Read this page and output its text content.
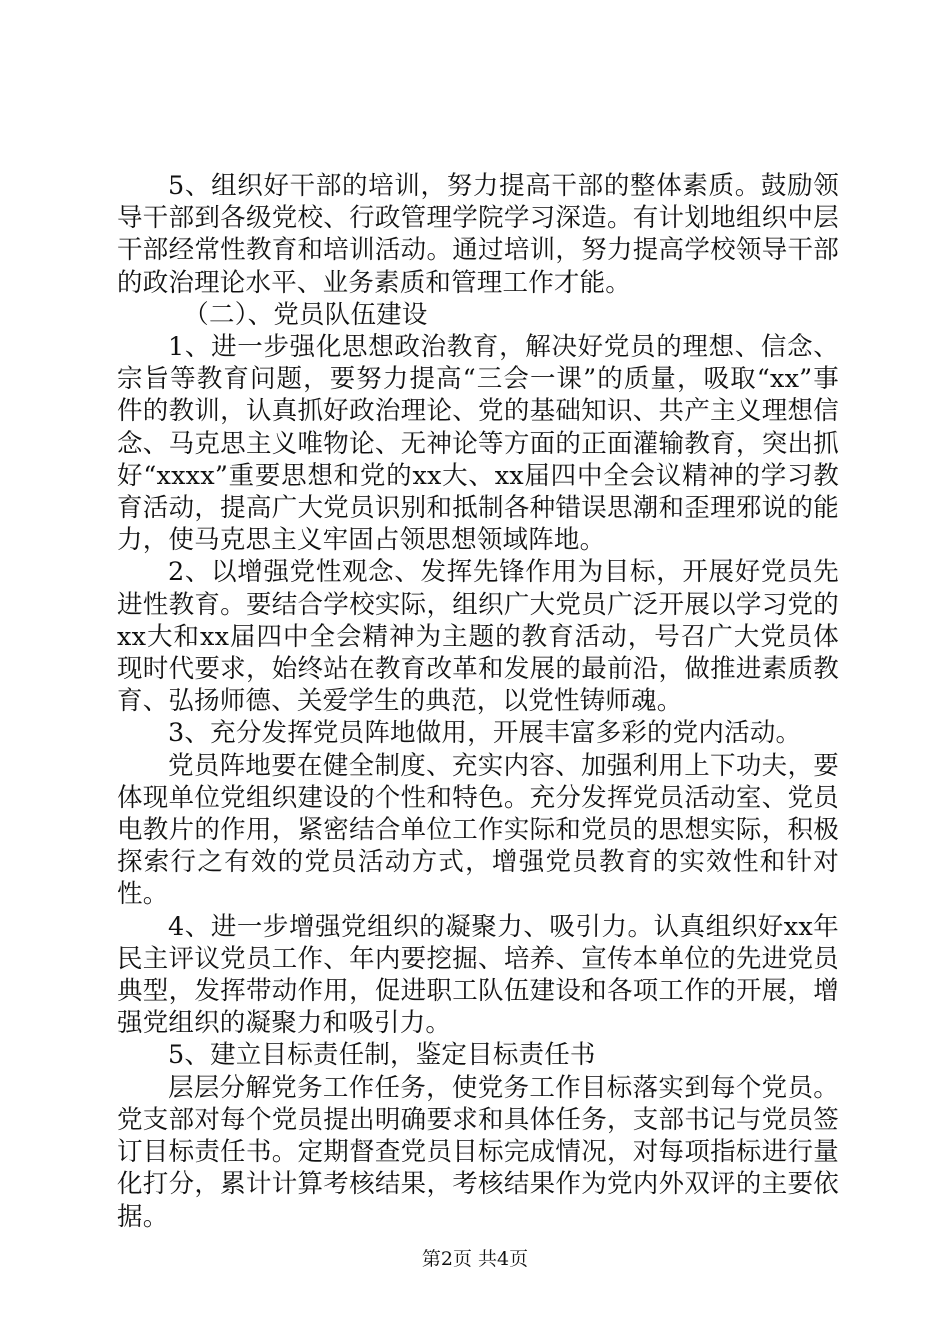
5、组织好干部的培训，努力提高干部的整体素质。鼓励领导干部到各级党校、行政管理学院学习深造。有计划地组织中层干部经常性教育和培训活动。通过培训，努力提高学校领导干部的政治理论水平、业务素质和管理工作才能。

（二）、党员队伍建设

1、进一步强化思想政治教育，解决好党员的理想、信念、宗旨等教育问题，要努力提高“三会一课”的质量，吸取“xx”事件的教训，认真抓好政治理论、党的基础知识、共产主义理想信念、马克思主义唯物论、无神论等方面的正面灌输教育，突出抓好“xxxx”重要思想和党的xx大、xx届四中全会议精神的学习教育活动，提高广大党员识别和抵制各种错误思潮和歪理邪说的能力，使马克思主义牢固占领思想领域阵地。

2、以增强党性观念、发挥先锋作用为目标，开展好党员先进性教育。要结合学校实际，组织广大党员广泛开展以学习党的xx大和xx届四中全会精神为主题的教育活动，号召广大党员体现时代要求，始终站在教育改革和发展的最前沿，做推进素质教育、弘扬师德、关爱学生的典范，以党性铸师魂。

3、充分发挥党员阵地做用，开展丰富多彩的党内活动。

党员阵地要在健全制度、充实内容、加强利用上下功夫，要体现单位党组织建设的个性和特色。充分发挥党员活动室、党员电教片的作用，紧密结合单位工作实际和党员的思想实际，积极探索行之有效的党员活动方式，增强党员教育的实效性和针对性。

4、进一步增强党组织的凝聚力、吸引力。认真组织好xx年民主评议党员工作、年内要挖掘、培养、宣传本单位的先进党员典型，发挥带动作用，促进职工队伍建设和各项工作的开展，增强党组织的凝聚力和吸引力。

5、建立目标责任制，鉴定目标责任书

层层分解党务工作任务，使党务工作目标落实到每个党员。党支部对每个党员提出明确要求和具体任务，支部书记与党员签订目标责任书。定期督查党员目标完成情况，对每项指标进行量化打分，累计计算考核结果，考核结果作为党内外双评的主要依据。

第2页 共4页
